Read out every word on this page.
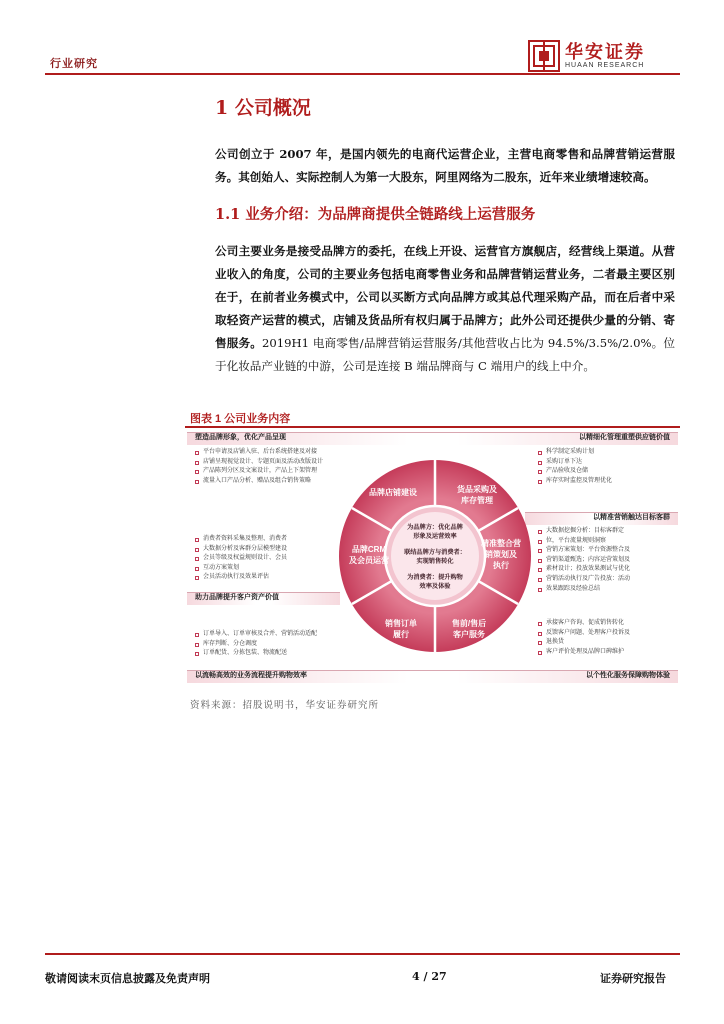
行业研究
华安证券
HUAAN RESEARCH
1 公司概况
公司创立于 2007 年，是国内领先的电商代运营企业，主营电商零售和品牌营销运营服务。其创始人、实际控制人为第一大股东，阿里网络为二股东，近年来业绩增速较高。
1.1 业务介绍：为品牌商提供全链路线上运营服务
公司主要业务是接受品牌方的委托，在线上开设、运营官方旗舰店，经营线上渠道。从营业收入的角度，公司的主要业务包括电商零售业务和品牌营销运营业务，二者最主要区别在于，在前者业务模式中，公司以买断方式向品牌方或其总代理采购产品，而在后者中采取轻资产运营的模式，店铺及货品所有权归属于品牌方；此外公司还提供少量的分销、寄售服务。2019H1 电商零售/品牌营销运营服务/其他营收占比为 94.5%/3.5%/2.0%。位于化妆品产业链的中游，公司是连接 B 端品牌商与 C 端用户的线上中介。
图表 1 公司业务内容
塑造品牌形象，优化产品呈现	以精细化管理重塑供应链价值
以精准营销触达目标客群
助力品牌提升客户资产价值
以流畅高效的业务流程提升购物效率	以个性化服务保障购物体验
平台申请及店铺入驻、后台系统搭建及对接
店铺呈现视觉设计、专题页面及活动改版设计
产品陈列分区及文案设计，产品上下架管理
流量入口产品分析、赠品及组合销售策略
科学制定采购计划
采购订单下达
产品验收及仓储
库存实时监控及管理优化
消费者资料采集及整理、消费者
大数据分析及客群分层模型建设
会员等级及权益规则设计、会员
互动方案策划
会员活动执行及效果评估
大数据挖掘分析：目标客群定
位，平台流量规则洞察
营销方案策划：平台资源整合及
营销渠道甄选；内容运营策划及
素材设计；投放效果测试与优化
营销活动执行及广告投放：活动
效果跟踪及经验总结
订单导入、订单审核及合并、营销活动适配
库存判断、分仓调度
订单配货、分拣包装、物流配送
承接客户咨询、促成销售转化
反馈客户问题、处理客户投诉及
退换货
客户评价处理及品牌口碑维护
品牌店铺建设	货品采购及
库存管理
精准整合营
销策划及
执行
售前/售后
客户服务
销售订单
履行
品牌CRM
及会员运营
为品牌方：优化品牌
形象及运营效率
联结品牌方与消费者：
实现销售转化
为消费者：提升购物
效率及体验
资料来源：招股说明书，华安证券研究所
敬请阅读末页信息披露及免责声明	4 / 27	证券研究报告
